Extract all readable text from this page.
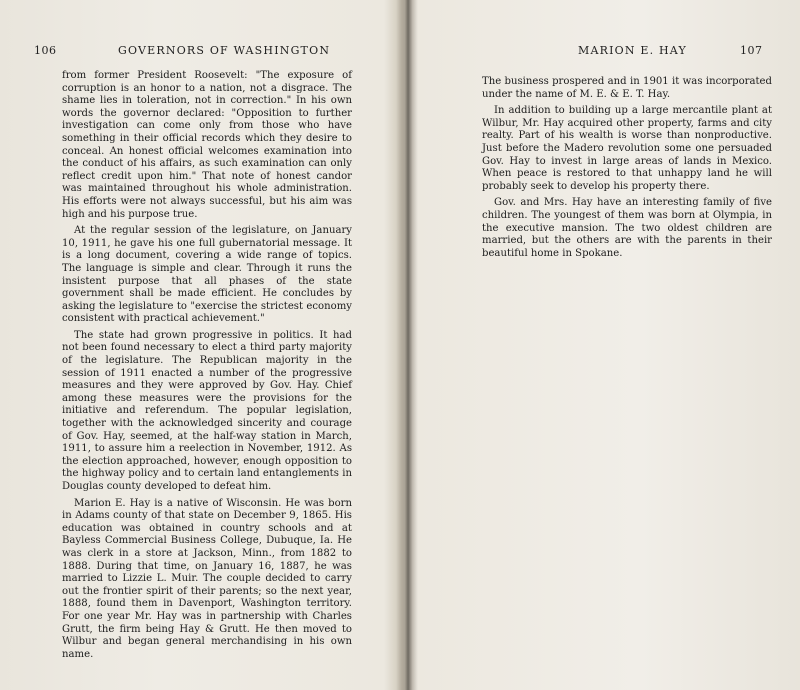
106	GOVERNORS OF WASHINGTON

from former President Roosevelt: "The exposure of corruption is an honor to a nation, not a disgrace. The shame lies in toleration, not in correction." In his own words the governor declared: "Opposition to further investigation can come only from those who have something in their official records which they desire to conceal. An honest official welcomes examination into the conduct of his affairs, as such examination can only reflect credit upon him." That note of honest candor was maintained throughout his whole administration. His efforts were not always successful, but his aim was high and his purpose true.

At the regular session of the legislature, on January 10, 1911, he gave his one full gubernatorial message. It is a long document, covering a wide range of topics. The language is simple and clear. Through it runs the insistent purpose that all phases of the state government shall be made efficient. He concludes by asking the legislature to "exercise the strictest economy consistent with practical achievement."

The state had grown progressive in politics. It had not been found necessary to elect a third party majority of the legislature. The Republican majority in the session of 1911 enacted a number of the progressive measures and they were approved by Gov. Hay. Chief among these measures were the provisions for the initiative and referendum. The popular legislation, together with the acknowledged sincerity and courage of Gov. Hay, seemed, at the half-way station in March, 1911, to assure him a reelection in November, 1912. As the election approached, however, enough opposition to the highway policy and to certain land entanglements in Douglas county developed to defeat him.

Marion E. Hay is a native of Wisconsin. He was born in Adams county of that state on December 9, 1865. His education was obtained in country schools and at Bayless Commercial Business College, Dubuque, Ia. He was clerk in a store at Jackson, Minn., from 1882 to 1888. During that time, on January 16, 1887, he was married to Lizzie L. Muir. The couple decided to carry out the frontier spirit of their parents; so the next year, 1888, found them in Davenport, Washington territory. For one year Mr. Hay was in partnership with Charles Grutt, the firm being Hay & Grutt. He then moved to Wilbur and began general merchandising in his own name.

MARION E. HAY	107

The business prospered and in 1901 it was incorporated under the name of M. E. & E. T. Hay.

In addition to building up a large mercantile plant at Wilbur, Mr. Hay acquired other property, farms and city realty. Part of his wealth is worse than nonproductive. Just before the Madero revolution some one persuaded Gov. Hay to invest in large areas of lands in Mexico. When peace is restored to that unhappy land he will probably seek to develop his property there.

Gov. and Mrs. Hay have an interesting family of five children. The youngest of them was born at Olympia, in the executive mansion. The two oldest children are married, but the others are with the parents in their beautiful home in Spokane.
